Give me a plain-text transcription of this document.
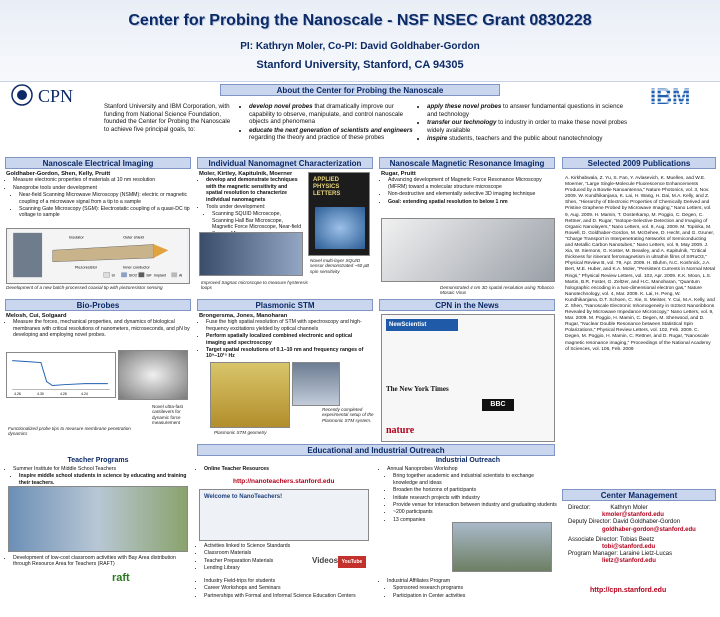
Center for Probing the Nanoscale - NSF NSEC Grant 0830228
PI: Kathryn Moler, Co-PI: David Goldhaber-Gordon
Stanford University, Stanford, CA 94305
CPN	IBM
About the Center for Probing the Nanoscale
Stanford University and IBM Corporation, with funding from National Science Foundation, founded the Center for Probing the Nanoscale to achieve five principal goals, to:
• develop novel probes that dramatically improve our capability to observe, manipulate, and control nanoscale objects and phenomena
• educate the next generation of scientists and engineers regarding the theory and practice of these probes
• apply these novel probes to answer fundamental questions in science and technology
• transfer our technology to industry in order to make these novel probes widely available
• inspire students, teachers and the public about nanotechnology
Nanoscale Electrical Imaging	Individual Nanomagnet Characterization	Nanoscale Magnetic Resonance Imaging	Selected 2009 Publications
Goldhaber-Gordon, Shen, Kelly, Pruitt
• Measure electronic properties of materials at 10 nm resolution
• Nanoprobe tools under development
• Near-field Scanning Microwave Microscopy (NSMM): electric or magnetic coupling of a microwave signal from a tip to a sample
• Scanning Gate Microscopy (SGM): Electrostatic coupling of a quasi-DC tip voltage to sample
Insulator	Outer shield
Piezoresistor	Inner conductor
Si	SiO2 SiF Implant	Al
Development of a new batch-processed coaxial tip with piezoresistor sensing
Moler, Kirtley, Kapitulnik, Moerner
• develop and demonstrate techniques with the magnetic sensitivity and spatial resolution to characterize individual nanomagnets
• Tools under development:
• Scanning SQUID Microscope, Scanning Hall Bar Microscope, Magnetic Force Microscope, Near-field
APPLIED PHYSICS LETTERS
Novel multi-layer SQUID sensor demonstrated ~50 μB spin sensitivity
Improved Sagnac microscope to measure hysteresis loops
Rugar, Pruitt
• Advancing development of Magnetic Force Resonance Microscopy (MFRM) toward a molecular structure microscope
• Non-destructive and elementally selective 3D imaging technique
• Goal: extending spatial resolution to below 1 nm
Demonstrated 4 nm 3D spatial resolution using Tobacco Mosaic Virus
Bio-Probes	Plasmonic STM	CPN in the News
Melosh, Cui, Solgaard
• Measure the forces, mechanical properties, and dynamics of biological membranes with critical resolutions of nanometers, microseconds, and pN by developing and employing novel probes.
4.26	4.30	4.28	4.24
Novel ultra-fast cantilevers for dynamic force measurement
Functionalized probe tips to measure membrane penetration dynamics
Brongersma, Jones, Manoharan
• Fuse the high spatial resolution of STM with spectroscopy and high-frequency excitations yielded by optical channels
• Perform spatially localized combined electronic and optical imaging and spectroscopy
• Target spatial resolutions of 0.1–10 nm and frequency ranges of 10⁹–10¹⁵ Hz
Recently completed experimental setup of the Plasmonic STM system.
Plasmonic STM geometry
NewScientist
The New York Times
BBC
nature
A. Kirkhabwala, Z. Yu, S. Fan, Y. Avlasevich, K. Muellen, and W.E. Moerner, "Large Single-Molecule Fluorescence Enhancements Produced by a Bowtie Nanoantenna," Nature Photonics, vol. 3, Nov. 2009. W. Kundhikanjana, K. Lai, H. Wang, H. Dai, M.A. Kelly, and Z. Shen, "Hierarchy of Electronic Properties of Chemically Derived and Pristine Graphene Probed by Microwave Imaging," Nano Letters, vol. 9, Aug. 2009. H. Mamin, T. Oosterkamp, M. Poggio, C. Degen, C. Rettner, and D. Rugar, "Isotope-Selective Detection and Imaging of Organic Nanolayers," Nano Letters, vol. 9, Aug. 2009. M. Topinka, M. Rowell, D. Goldhaber-Gordon, M. McGehee, D. Hecht, and G. Gruner, "Charge Transport in Interpenetrating Networks of Semiconducting and Metallic Carbon Nanotubes," Nano Letters, vol. 9, May 2009. J. Xia, W. Siemons, G. Koster, M. Beasley, and A. Kapitulnik, "Critical thickness for itinerant ferromagnetism in ultrathin films of SrRuO3," Physical Review B, vol. 79, Apr. 2009. H. Bluhm, N.C. Koshnick, J.A. Bert, M.E. Huber, and K.A. Moler, "Persistent Currents in Normal Metal Rings," Physical Review Letters, vol. 102, Apr. 2009. K.K. Moon, L.S. Martin, B.R. Foster, G. Zeltzer, and H.C. Manoharan, "Quantum holographic encoding in a two-dimensional electron gas," Nature Nanotechnology, vol. 4, Mar. 2009. K. Lai, H. Peng, W. Kundhikanjana, D.T. Schoen, C. Xie, S. Meister, Y. Cui, M.A. Kelly, and Z. Shen, "Nanoscale Electronic Inhomogeneity in In2Se3 Nanoribbons Revealed by Microwave Impedance Microscopy," Nano Letters, vol. 9, Mar. 2009. M. Poggio, H. Mamin, C. Degen, M. Sherwood, and D. Rugar, "Nuclear Double Resonance between Statistical Spin Polarizations," Physical Review Letters, vol. 102, Feb. 2009. C. Degen, M. Poggio, H. Mamin, C. Rettner, and D. Rugar, "Nanoscale magnetic resonance imaging," Proceedings of the National Academy of Sciences, vol. 106, Feb. 2009
Educational and Industrial Outreach
Teacher Programs	Industrial Outreach
• Summer Institute for Middle School Teachers
• Inspire middle school students in science by educating and training their teachers.
• Development of low-cost classroom activities with Bay Area distribution through Resource Area for Teachers (RAFT)
raft
• Online Teacher Resources
http://nanoteachers.stanford.edu
Welcome to NanoTeachers!
• Activities linked to Science Standards
• Classroom Materials
• Teacher Preparation Materials
• Lending Library
Videos YouTube
• Industry Field-trips for students
• Career Workshops and Seminars
• Partnerships with Formal and Informal Science Education Centers
• Annual Nanoprobes Workshop
• Bring together academic and industrial scientists to exchange knowledge and ideas
• Broaden the horizons of participants
• Initiate research projects with industry
• Provide venue for interaction between industry and graduating students
• ~200 participants
• 13 companies
• Industrial Affiliates Program
• Sponsored research programs
• Participation in Center activities
Center Management
Director:	Kathryn Moler
kmoler@stanford.edu
Deputy Director: David Goldhaber-Gordon
goldhaber-gordon@stanford.edu
Associate Director: Tobias Beetz
tobi@stanford.edu
Program Manager: Laraine Lietz-Lucas
lietz@stanford.edu
http://cpn.stanford.edu
